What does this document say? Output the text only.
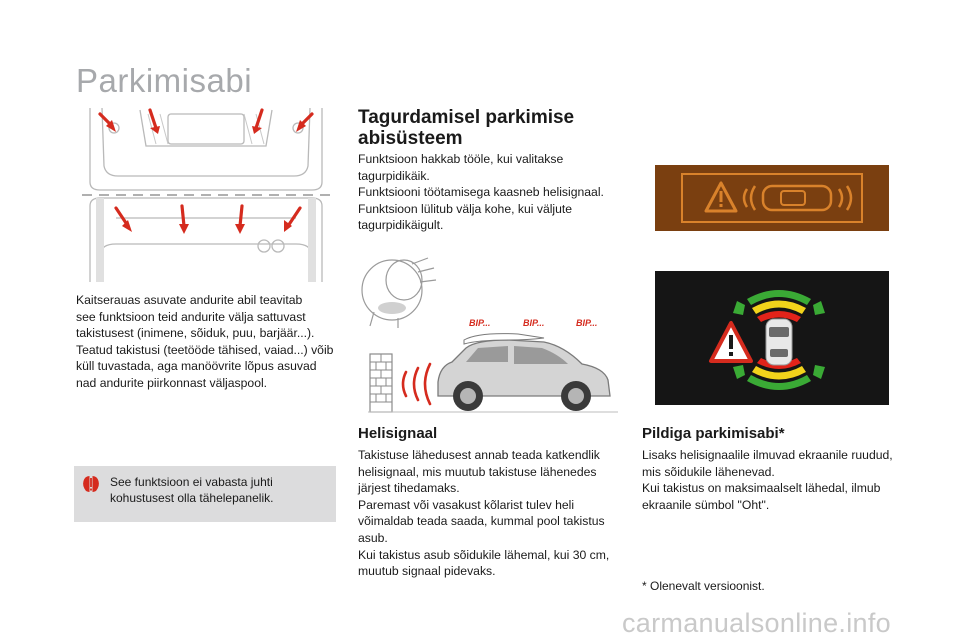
Parkimisabi
Kaitserauas asuvate andurite abil teavitab
see funktsioon teid andurite välja sattuvast
takistusest (inimene, sõiduk, puu, barjäär...).
Teatud takistusi (teetööde tähised, vaiad...) võib
küll tuvastada, aga manöövrite lõpus asuvad
nad andurite piirkonnast väljaspool.
See funktsioon ei vabasta juhti
kohustusest olla tähelepanelik.
Tagurdamisel parkimise
abisüsteem
Funktsioon hakkab tööle, kui valitakse
tagurpidikäik.
Funktsiooni töötamisega kaasneb helisignaal.
Funktsioon lülitub välja kohe, kui väljute
tagurpidikäigult.
BIP...	BIP...	BIP...
Helisignaal
Takistuse lähedusest annab teada katkendlik
helisignaal, mis muutub takistuse lähenedes
järjest tihedamaks.
Paremast või vasakust kõlarist tulev heli
võimaldab teada saada, kummal pool takistus
asub.
Kui takistus asub sõidukile lähemal, kui 30 cm,
muutub signaal pidevaks.
Pildiga parkimisabi*
Lisaks helisignaalile ilmuvad ekraanile ruudud,
mis sõidukile lähenevad.
Kui takistus on maksimaalselt lähedal, ilmub
ekraanile sümbol "Oht".
* Olenevalt versioonist.
carmanualsonline.info
